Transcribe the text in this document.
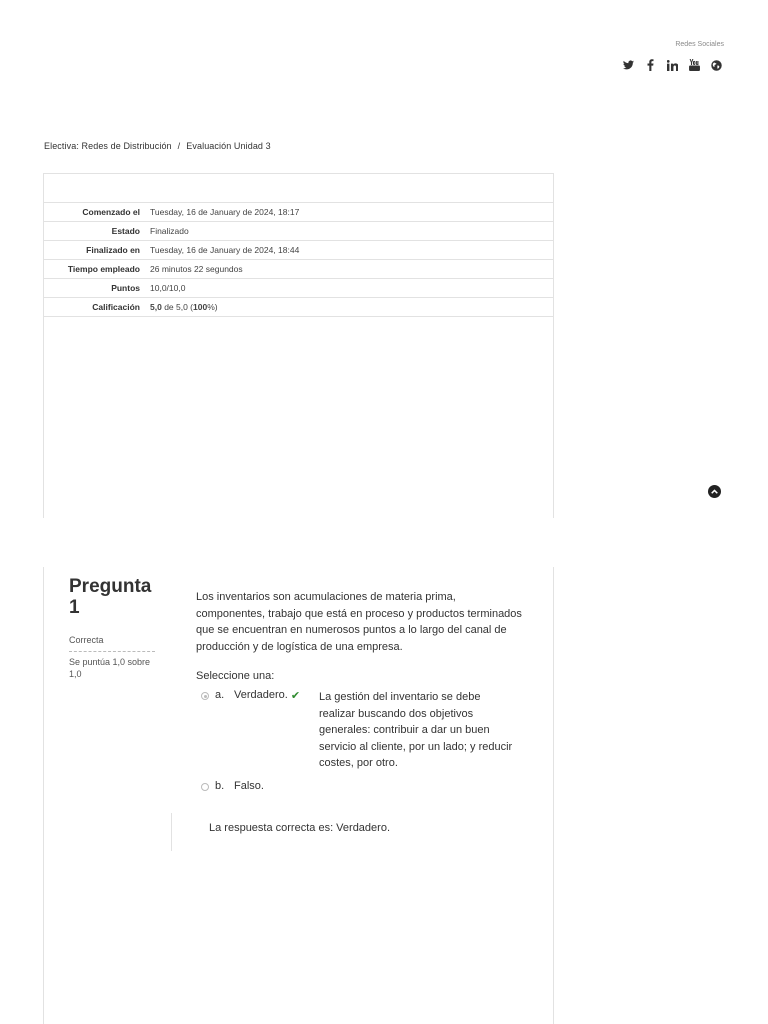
Redes Sociales
Electiva: Redes de Distribución / Evaluación Unidad 3
Comenzado el	Tuesday, 16 de January de 2024, 18:17
Estado	Finalizado
Finalizado en	Tuesday, 16 de January de 2024, 18:44
Tiempo empleado	26 minutos 22 segundos
Puntos	10,0/10,0
Calificación	5,0 de 5,0 (100%)
Pregunta 1
Correcta
Se puntúa 1,0 sobre 1,0
Los inventarios son acumulaciones de materia prima, componentes, trabajo que está en proceso y productos terminados que se encuentran en numerosos puntos a lo largo del canal de producción y de logística de una empresa.
Seleccione una:
a. Verdadero. ✔ La gestión del inventario se debe realizar buscando dos objetivos generales: contribuir a dar un buen servicio al cliente, por un lado; y reducir costes, por otro.
b. Falso.
La respuesta correcta es: Verdadero.
